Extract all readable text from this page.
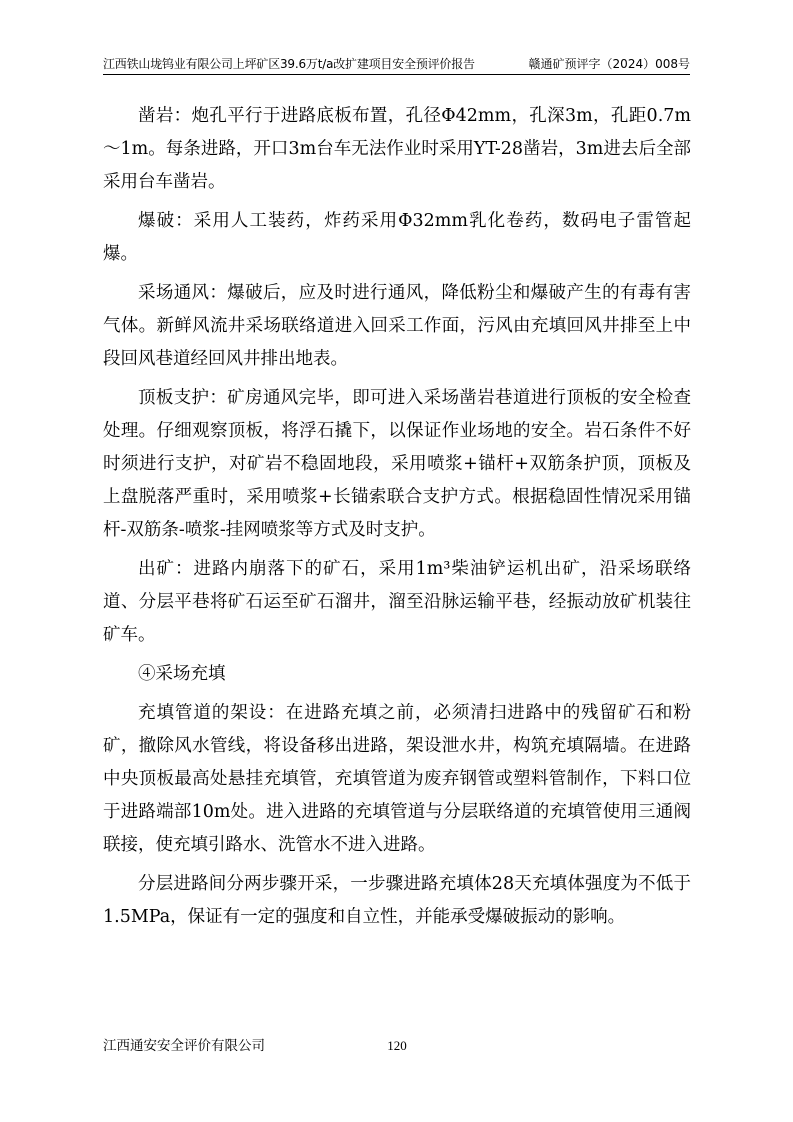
江西铁山垅钨业有限公司上坪矿区39.6万t/a改扩建项目安全预评价报告	赣通矿预评字（2024）008号

凿岩：炮孔平行于进路底板布置，孔径Φ42mm，孔深3m，孔距0.7m～1m。每条进路，开口3m台车无法作业时采用YT-28凿岩，3m进去后全部采用台车凿岩。

爆破：采用人工装药，炸药采用Φ32mm乳化卷药，数码电子雷管起爆。

采场通风：爆破后，应及时进行通风，降低粉尘和爆破产生的有毒有害气体。新鲜风流井采场联络道进入回采工作面，污风由充填回风井排至上中段回风巷道经回风井排出地表。

顶板支护：矿房通风完毕，即可进入采场凿岩巷道进行顶板的安全检查处理。仔细观察顶板，将浮石撬下，以保证作业场地的安全。岩石条件不好时须进行支护，对矿岩不稳固地段，采用喷浆+锚杆+双筋条护顶，顶板及上盘脱落严重时，采用喷浆+长锚索联合支护方式。根据稳固性情况采用锚杆-双筋条-喷浆-挂网喷浆等方式及时支护。

出矿：进路内崩落下的矿石，采用1m³柴油铲运机出矿，沿采场联络道、分层平巷将矿石运至矿石溜井，溜至沿脉运输平巷，经振动放矿机装往矿车。

④采场充填

充填管道的架设：在进路充填之前，必须清扫进路中的残留矿石和粉矿，撤除风水管线，将设备移出进路，架设泄水井，构筑充填隔墙。在进路中央顶板最高处悬挂充填管，充填管道为废弃钢管或塑料管制作，下料口位于进路端部10m处。进入进路的充填管道与分层联络道的充填管使用三通阀联接，使充填引路水、洗管水不进入进路。

分层进路间分两步骤开采，一步骤进路充填体28天充填体强度为不低于1.5MPa，保证有一定的强度和自立性，并能承受爆破振动的影响。

江西通安安全评价有限公司	120
